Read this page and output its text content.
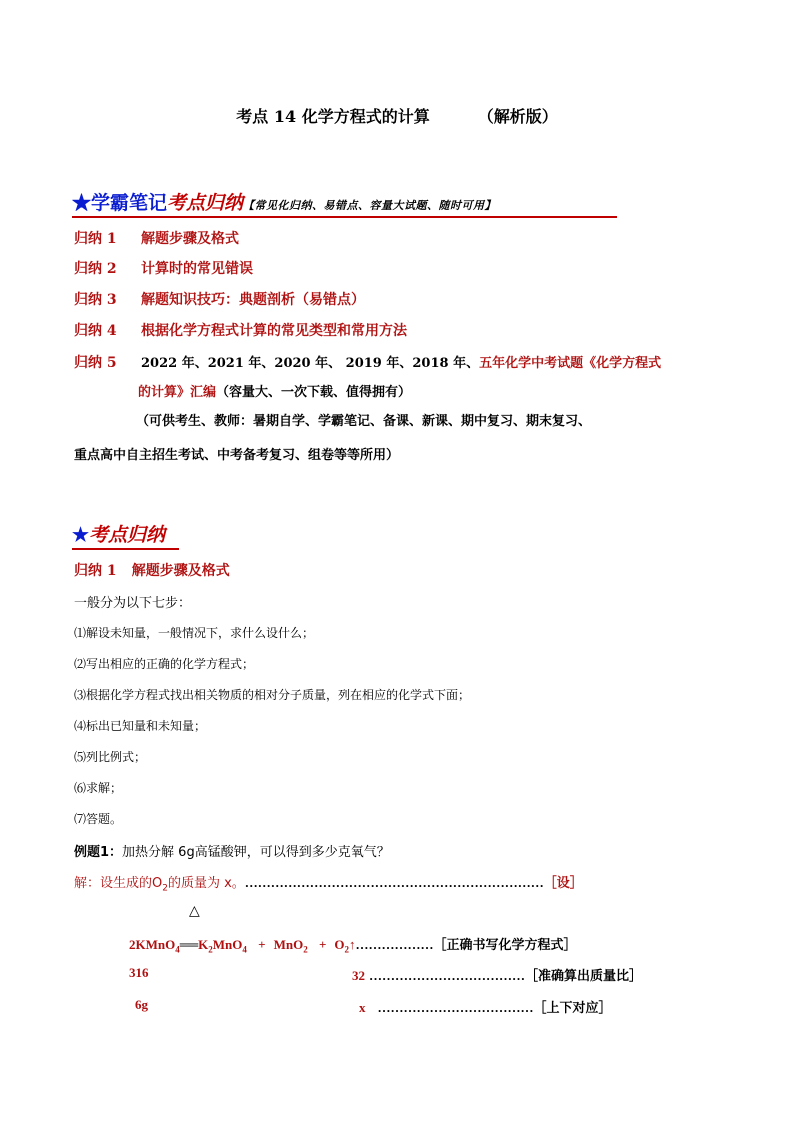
考点 14 化学方程式的计算	（解析版）
★学霸笔记考点归纳【常见化归纳、易错点、容量大试题、随时可用】
归纳 1 解题步骤及格式
归纳 2 计算时的常见错误
归纳 3 解题知识技巧：典题剖析（易错点）
归纳 4 根据化学方程式计算的常见类型和常用方法
归纳 5 2022 年、2021 年、2020 年、 2019 年、2018 年、五年化学中考试题《化学方程式
的计算》汇编（容量大、一次下载、值得拥有）
（可供考生、教师：暑期自学、学霸笔记、备课、新课、期中复习、期末复习、
重点高中自主招生考试、中考备考复习、组卷等等所用）
★考点归纳
归纳 1 解题步骤及格式
一般分为以下七步：
⑴解设未知量，一般情况下，求什么设什么；
⑵写出相应的正确的化学方程式；
⑶根据化学方程式找出相关物质的相对分子质量，列在相应的化学式下面；
⑷标出已知量和未知量；
⑸列比例式；
⑹求解；
⑺答题。
例题1：加热分解 6g高锰酸钾，可以得到多少克氧气？
解：设生成的$O_2$的质量为 x。……………………………………………………………［设］
△
$2KMnO_4══K_2MnO_4 + MnO_2$ + $O_2↑\dots\dots\dots\dots\dots\dots[$正确书写化学方程式］
316	32 ………………………………［准确算出质量比］
6g	x ………………………………［上下对应］
